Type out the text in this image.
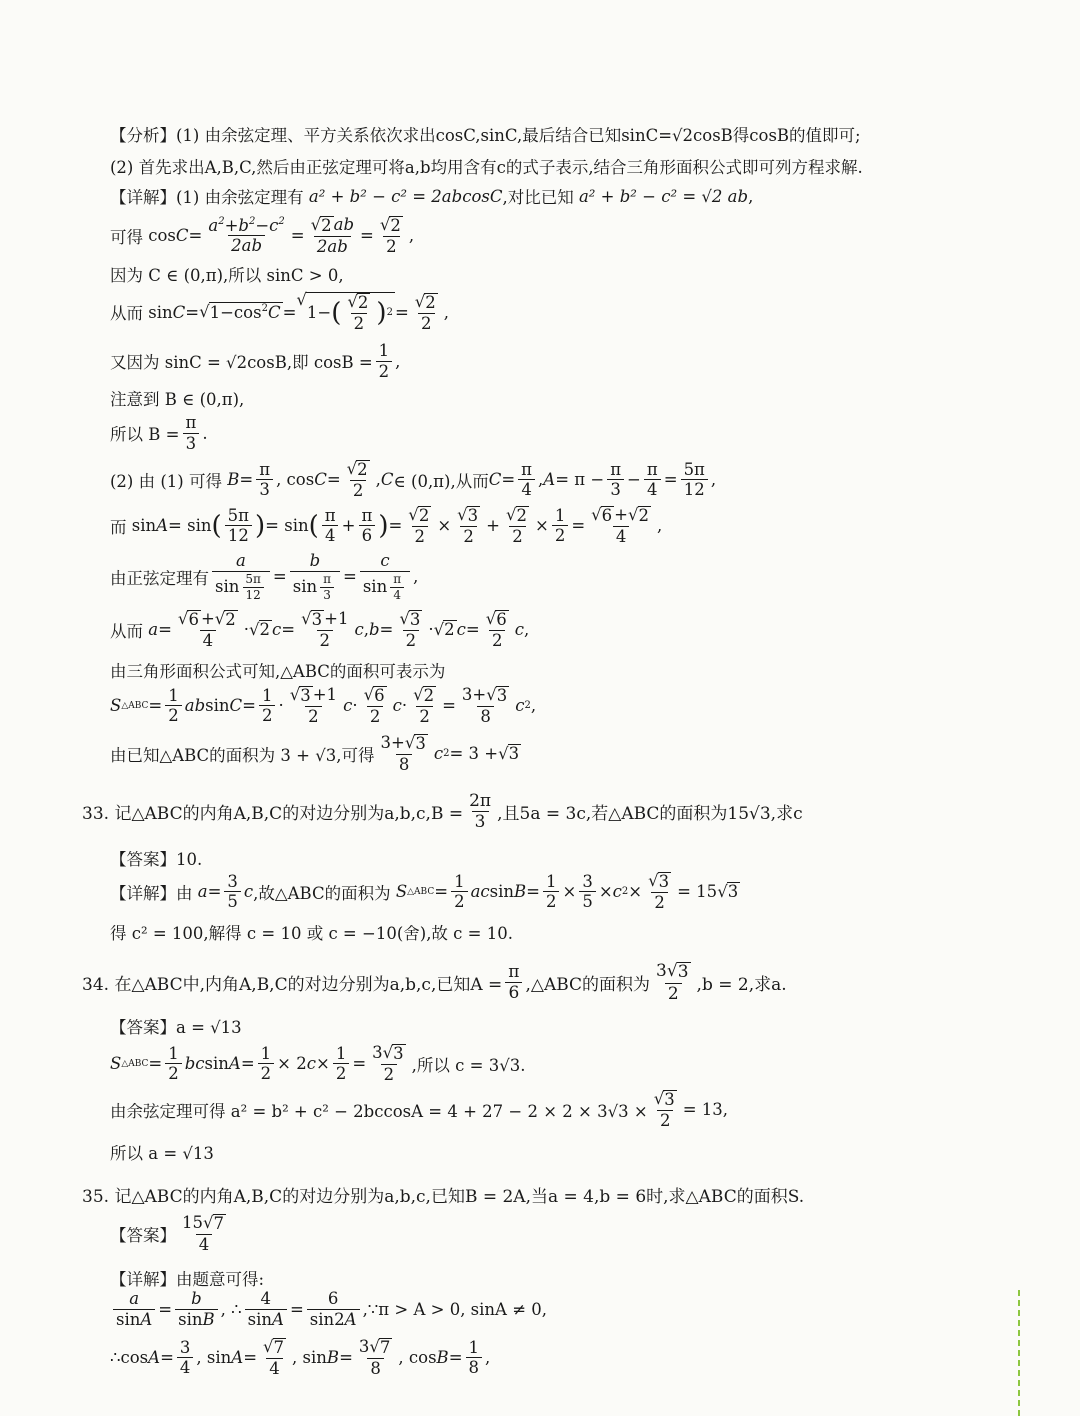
【分析】(1) 由余弦定理、平方关系依次求出cosC,sinC,最后结合已知sinC=√2cosB得cosB的值即可;
(2) 首先求出A,B,C,然后由正弦定理可将a,b均用含有c的式子表示,结合三角形面积公式即可列方程求解.
【详解】(1) 由余弦定理有
a² + b² − c² = 2abcosC ,对比已知
a² + b² − c² = √2 ab ,
可得 $\cos C = \frac{a^2+b^2-c^2}{2ab} = \frac{√ 2 ab}{2ab} = \frac{√ 2}{2}$ ,
因为 C ∈ (0,π),所以 sinC > 0,
从而 sin C = √ $1-\cos^2C$ =
√
1− ( $\frac{√ 2}{2}$ ) $2 = \frac{√ 2}{2}$ ,
又因为 sinC = √2cosB,即 $\cos B = \frac{1}{2}$ ,
注意到 B ∈ (0,π),
所以 $B = \frac{\pi}{3}$ .
(2) 由 (1) 可得
$B = \frac{\pi}{3}$ , $\cos C = \frac{√ 2}{2}$ , C ∈ (0,π),从而 $C = \frac{\pi}{4}$ , $A = \pi - \frac{\pi}{3} - \frac{\pi}{4} = \frac{5\pi}{12}$ ,
而 sin A = sin ( $\frac{5\pi}{12}$ ) = sin ( $\frac{\pi}{4} + \frac{\pi}{6}$ ) = $\frac{√ 2}{2} \times \frac{√ 3}{2} + \frac{√ 2}{2} \times \frac{1}{2} = \frac{√ 6 + √ 2}{4}$ ,
由正弦定理有 $\frac{a}{\sin \frac{5\pi}{12}} = \frac{b}{\sin \frac{\pi}{3}} = \frac{c}{\sin \frac{\pi}{4}}$ ,
从而
$a = \frac{√ 6 + √ 2}{4}$ · √ 2 $c = \frac{√ 3 +1}{2}$ c , $b = \frac{√ 3}{2}$ · √ 2 $c = \frac{√ 6}{2}$ c ,
由三角形面积公式可知,△ABC的面积可表示为
S △ABC = $\frac{1}{2}$ ab $\sin C = \frac{1}{2} \cdot \frac{√ 3 +1}{2}$ $c \cdot \frac{√ 6}{2}$ $c \cdot \frac{√ 2}{2} = \frac{3+ √ 3}{8}$ c 2 ,
由已知△ABC的面积为 3 + √3,可得 $\frac{3+ √ 3}{8}$ c 2 = 3 + √ 3
33. 记△ABC的内角A,B,C的对边分别为$a,b,c,B = \frac{2\pi}{3}$ ,且5a = 3c,若△ABC的面积为15√3,求c
【答案】10.
【详解】由
$a = \frac{3}{5}$ c ,故△ABC的面积为
S △ABC = $\frac{1}{2}$ ac $\sin B = \frac{1}{2} \times \frac{3}{5} \times c$ $2 \times \frac{√ 3}{2} = 15$ √ 3
得 c² = 100,解得 c = 10 或 c = −10(舍),故 c = 10.
34. 在△ABC中,内角A,B,C的对边分别为a,b,c,已知$A = \frac{\pi}{6}$ ,△ABC的面积为 $\frac{3 √ 3}{2} ,b = 2$,求a.
【答案】a = √13
S △ABC = $\frac{1}{2}$ bc $\sin A = \frac{1}{2} \times 2$ $c \times \frac{1}{2} = \frac{3 √ 3}{2}$ ,所以 c = 3√3.
由余弦定理可得 $a^2 = b^2 + c^2 - 2bccosA = 4 + 27 - 2 \times 2 \times 3√3 \times \frac{√ 3}{2} = 13$,
所以 a = √13
35. 记△ABC的内角A,B,C的对边分别为a,b,c,已知B = 2A,当a = 4,b = 6时,求△ABC的面积S.
【答案】 $\frac{15 √ 7}{4}$
【详解】由题意可得:
$\frac{a}{\sin A} = \frac{b}{\sin B}$ , ∴ $\frac{4}{\sin A} = \frac{6}{\sin 2A}$ ,∵π > A > 0, sinA ≠ 0,
∴ $\cos A = \frac{3}{4}$ , $\sin A = \frac{√ 7}{4}$ , $\sin B = \frac{3 √ 7}{8}$ , $\cos B = \frac{1}{8}$ ,
